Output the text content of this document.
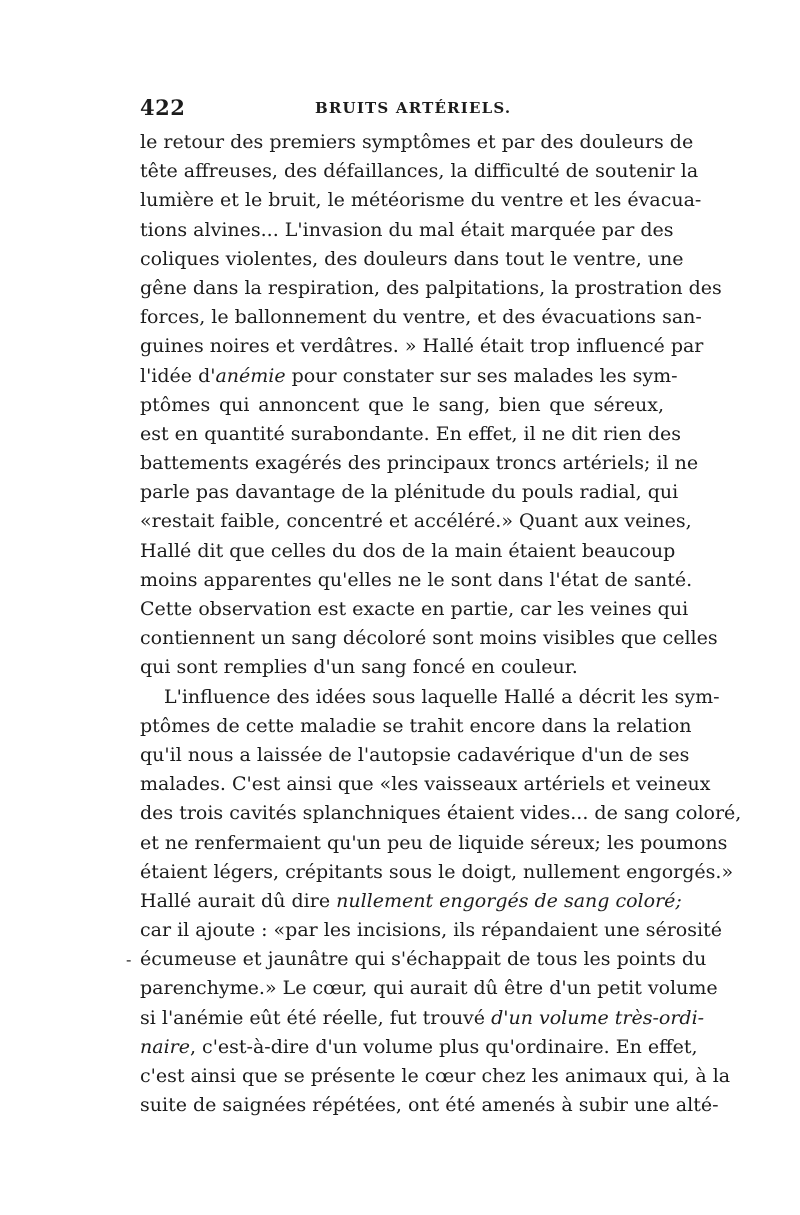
422	BRUITS ARTÉRIELS.
le retour des premiers symptômes et par des douleurs de
tête affreuses, des défaillances, la difficulté de soutenir la
lumière et le bruit, le météorisme du ventre et les évacua-
tions alvines... L'invasion du mal était marquée par des
coliques violentes, des douleurs dans tout le ventre, une
gêne dans la respiration, des palpitations, la prostration des
forces, le ballonnement du ventre, et des évacuations san-
guines noires et verdâtres. » Hallé était trop influencé par
l'idée d'anémie pour constater sur ses malades les sym-
ptômes qui annoncent que le sang, bien que séreux,
est en quantité surabondante. En effet, il ne dit rien des
battements exagérés des principaux troncs artériels; il ne
parle pas davantage de la plénitude du pouls radial, qui
«restait faible, concentré et accéléré.» Quant aux veines,
Hallé dit que celles du dos de la main étaient beaucoup
moins apparentes qu'elles ne le sont dans l'état de santé.
Cette observation est exacte en partie, car les veines qui
contiennent un sang décoloré sont moins visibles que celles
qui sont remplies d'un sang foncé en couleur.
L'influence des idées sous laquelle Hallé a décrit les sym-
ptômes de cette maladie se trahit encore dans la relation
qu'il nous a laissée de l'autopsie cadavérique d'un de ses
malades. C'est ainsi que «les vaisseaux artériels et veineux
des trois cavités splanchniques étaient vides... de sang coloré,
et ne renfermaient qu'un peu de liquide séreux; les poumons
étaient légers, crépitants sous le doigt, nullement engorgés.»
Hallé aurait dû dire nullement engorgés de sang coloré;
car il ajoute : «par les incisions, ils répandaient une sérosité
- écumeuse et jaunâtre qui s'échappait de tous les points du
parenchyme.» Le cœur, qui aurait dû être d'un petit volume
si l'anémie eût été réelle, fut trouvé d'un volume très-ordi-
naire, c'est-à-dire d'un volume plus qu'ordinaire. En effet,
c'est ainsi que se présente le cœur chez les animaux qui, à la
suite de saignées répétées, ont été amenés à subir une alté-
